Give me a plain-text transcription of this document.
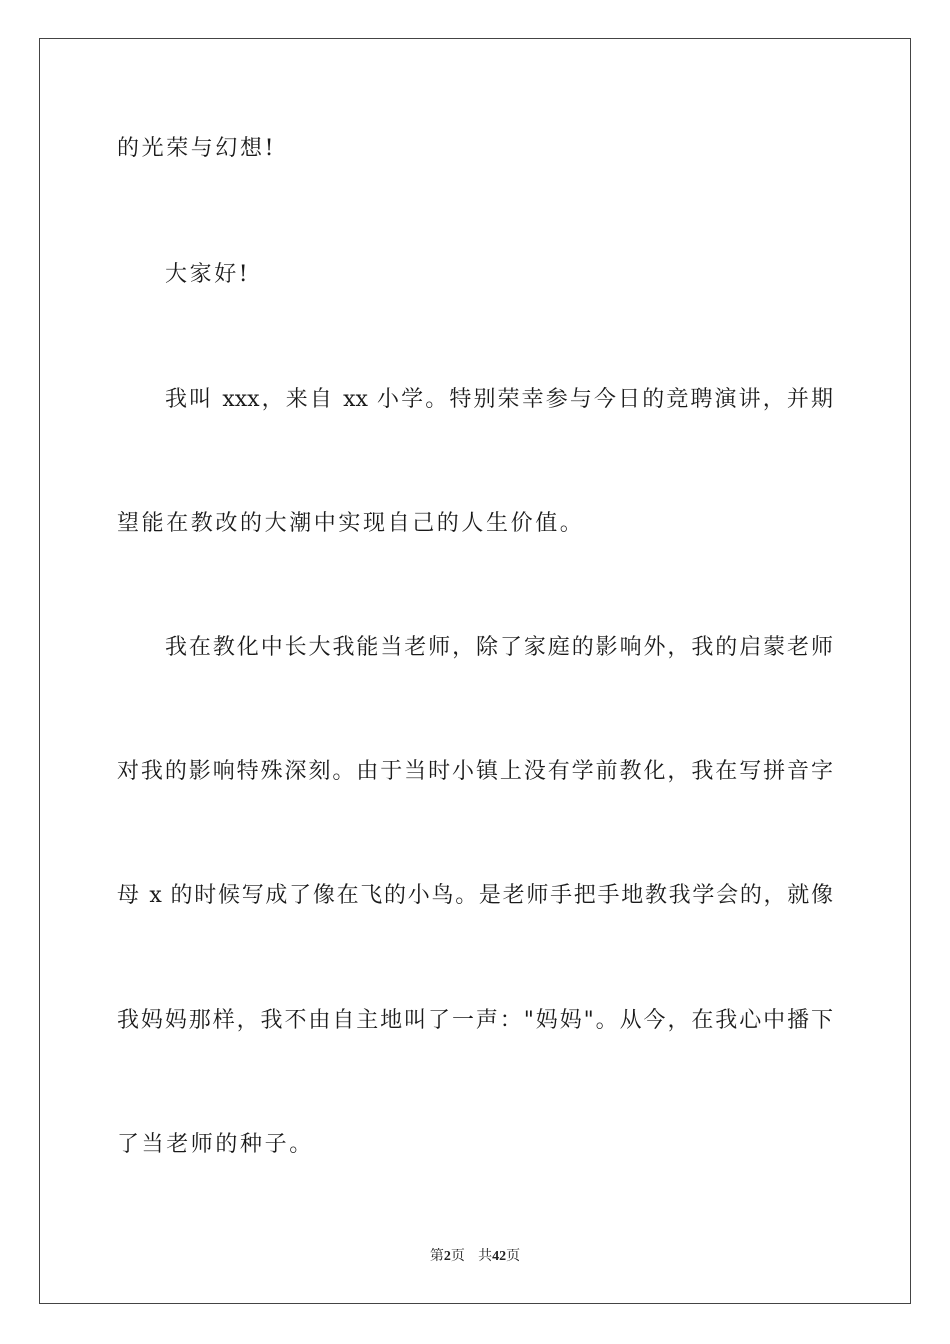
的光荣与幻想!
大家好!
我叫 xxx，来自 xx 小学。特别荣幸参与今日的竞聘演讲，并期
望能在教改的大潮中实现自己的人生价值。
我在教化中长大我能当老师，除了家庭的影响外，我的启蒙老师
对我的影响特殊深刻。由于当时小镇上没有学前教化，我在写拼音字
母 x 的时候写成了像在飞的小鸟。是老师手把手地教我学会的，就像
我妈妈那样，我不由自主地叫了一声："妈妈"。从今，在我心中播下
了当老师的种子。
第2页   共42页
